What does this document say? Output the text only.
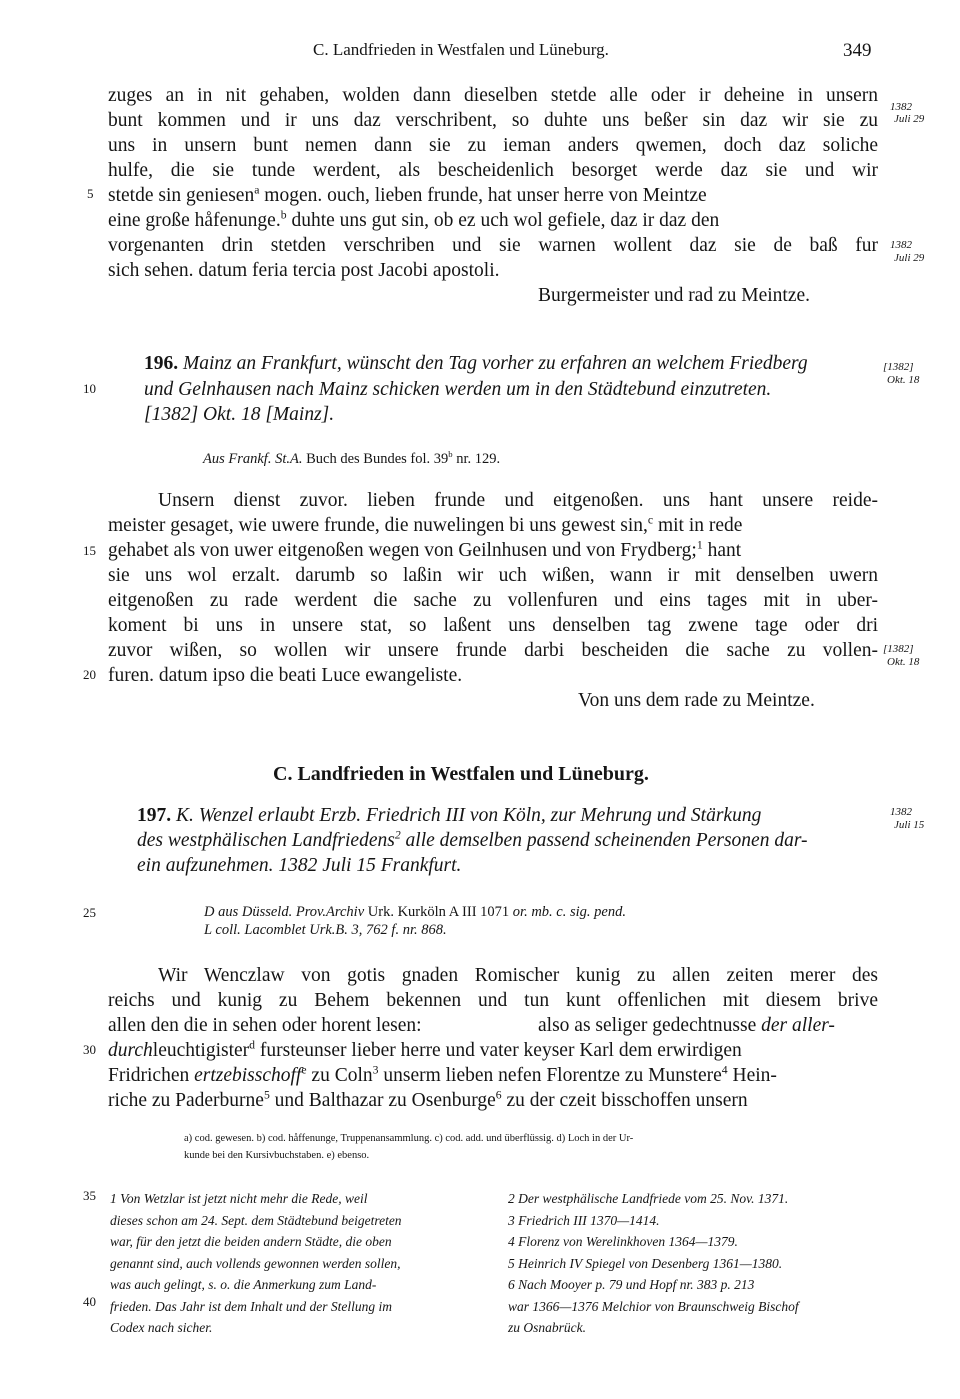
C. Landfrieden in Westfalen und Lüneburg.	349
5
10
15
20
25
30
35
40
1382
Juli 29
1382
Juli 29
[1382]
Okt. 18
[1382]
Okt. 18
1382
Juli 15
zuges an in nit gehaben, wolden dann dieselben stetde alle oder ir deheine in unsern
bunt kommen und ir uns daz verschribent, so duhte uns beßer sin daz wir sie zu
uns in unsern bunt nemen dann sie zu ieman anders qwemen, doch daz soliche
hulfe, die sie tunde werdent, als bescheidenlich besorget werde daz sie und wir
stetde sin geniesen$^a$ mogen. ouch, lieben frunde, hat unser herre von Meintze
eine große håfenunge.$^b$ duhte uns gut sin, ob ez uch wol gefiele, daz ir daz den
vorgenanten drin stetden verschriben und sie warnen wollent daz sie de baß fur
sich sehen. datum feria tercia post Jacobi apostoli.
Burgermeister und rad zu Meintze.
196. Mainz an Frankfurt, wünscht den Tag vorher zu erfahren an welchem Friedberg
und Gelnhausen nach Mainz schicken werden um in den Städtebund einzutreten.
[1382] Okt. 18 [Mainz].
Aus Frankf. St.A. Buch des Bundes fol. 39$^b$ nr. 129.
Unsern dienst zuvor. lieben frunde und eitgenoßen. uns hant unsere reide-
meister gesaget, wie uwere frunde, die nuwelingen bi uns gewest sin,$^c$ mit in rede
gehabet als von uwer eitgenoßen wegen von Geilnhusen und von Frydberg;$^1$ hant
sie uns wol erzalt. darumb so laßin wir uch wißen, wann ir mit denselben uwern
eitgenoßen zu rade werdent die sache zu vollenfuren und eins tages mit in uber-
koment bi uns in unsere stat, so laßent uns denselben tag zwene tage oder dri
zuvor wißen, so wollen wir unsere frunde darbi bescheiden die sache zu vollen-
furen. datum ipso die beati Luce ewangeliste.
Von uns dem rade zu Meintze.
C. Landfrieden in Westfalen und Lüneburg.
197. K. Wenzel erlaubt Erzb. Friedrich III von Köln, zur Mehrung und Stärkung
des westphälischen Landfriedens$^2$ alle demselben passend scheinenden Personen dar-
ein aufzunehmen. 1382 Juli 15 Frankfurt.
D aus Düsseld. Prov.Archiv Urk. Kurköln A III 1071 or. mb. c. sig. pend.
L coll. Lacomblet Urk.B. 3, 762 f. nr. 868.
Wir Wenczlaw von gotis gnaden Romischer kunig zu allen zeiten merer des
reichs und kunig zu Behem bekennen und tun kunt offenlichen mit diesem brive
allen den die in sehen oder horent lesen:	also as seliger gedechtnusse der aller-
durchleuchtigister$^d$ fursteunser lieber herre und vater keyser Karl dem erwirdigen
Fridrichen ertzebisschoff$^e$ zu Coln$^3$ unserm lieben nefen Florentze zu Munstere$^4$ Hein-
riche zu Paderburne$^5$ und Balthazar zu Osenburge$^6$ zu der czeit bisschoffen unsern
a) cod. gewesen. b) cod. håffenunge, Truppenansammlung. c) cod. add. und überflüssig. d) Loch in der Ur-
kunde bei den Kursivbuchstaben. e) ebenso.
1 Von Wetzlar ist jetzt nicht mehr die Rede, weil
dieses schon am 24. Sept. dem Städtebund beigetreten
war, für den jetzt die beiden andern Städte, die oben
genannt sind, auch vollends gewonnen werden sollen,
was auch gelingt, s. o. die Anmerkung zum Land-
frieden. Das Jahr ist dem Inhalt und der Stellung im
Codex nach sicher.
2 Der westphälische Landfriede vom 25. Nov. 1371.
3 Friedrich III 1370—1414.
4 Florenz von Werelinkhoven 1364—1379.
5 Heinrich IV Spiegel von Desenberg 1361—1380.
6 Nach Mooyer p. 79 und Hopf nr. 383 p. 213
war 1366—1376 Melchior von Braunschweig Bischof
zu Osnabrück.
